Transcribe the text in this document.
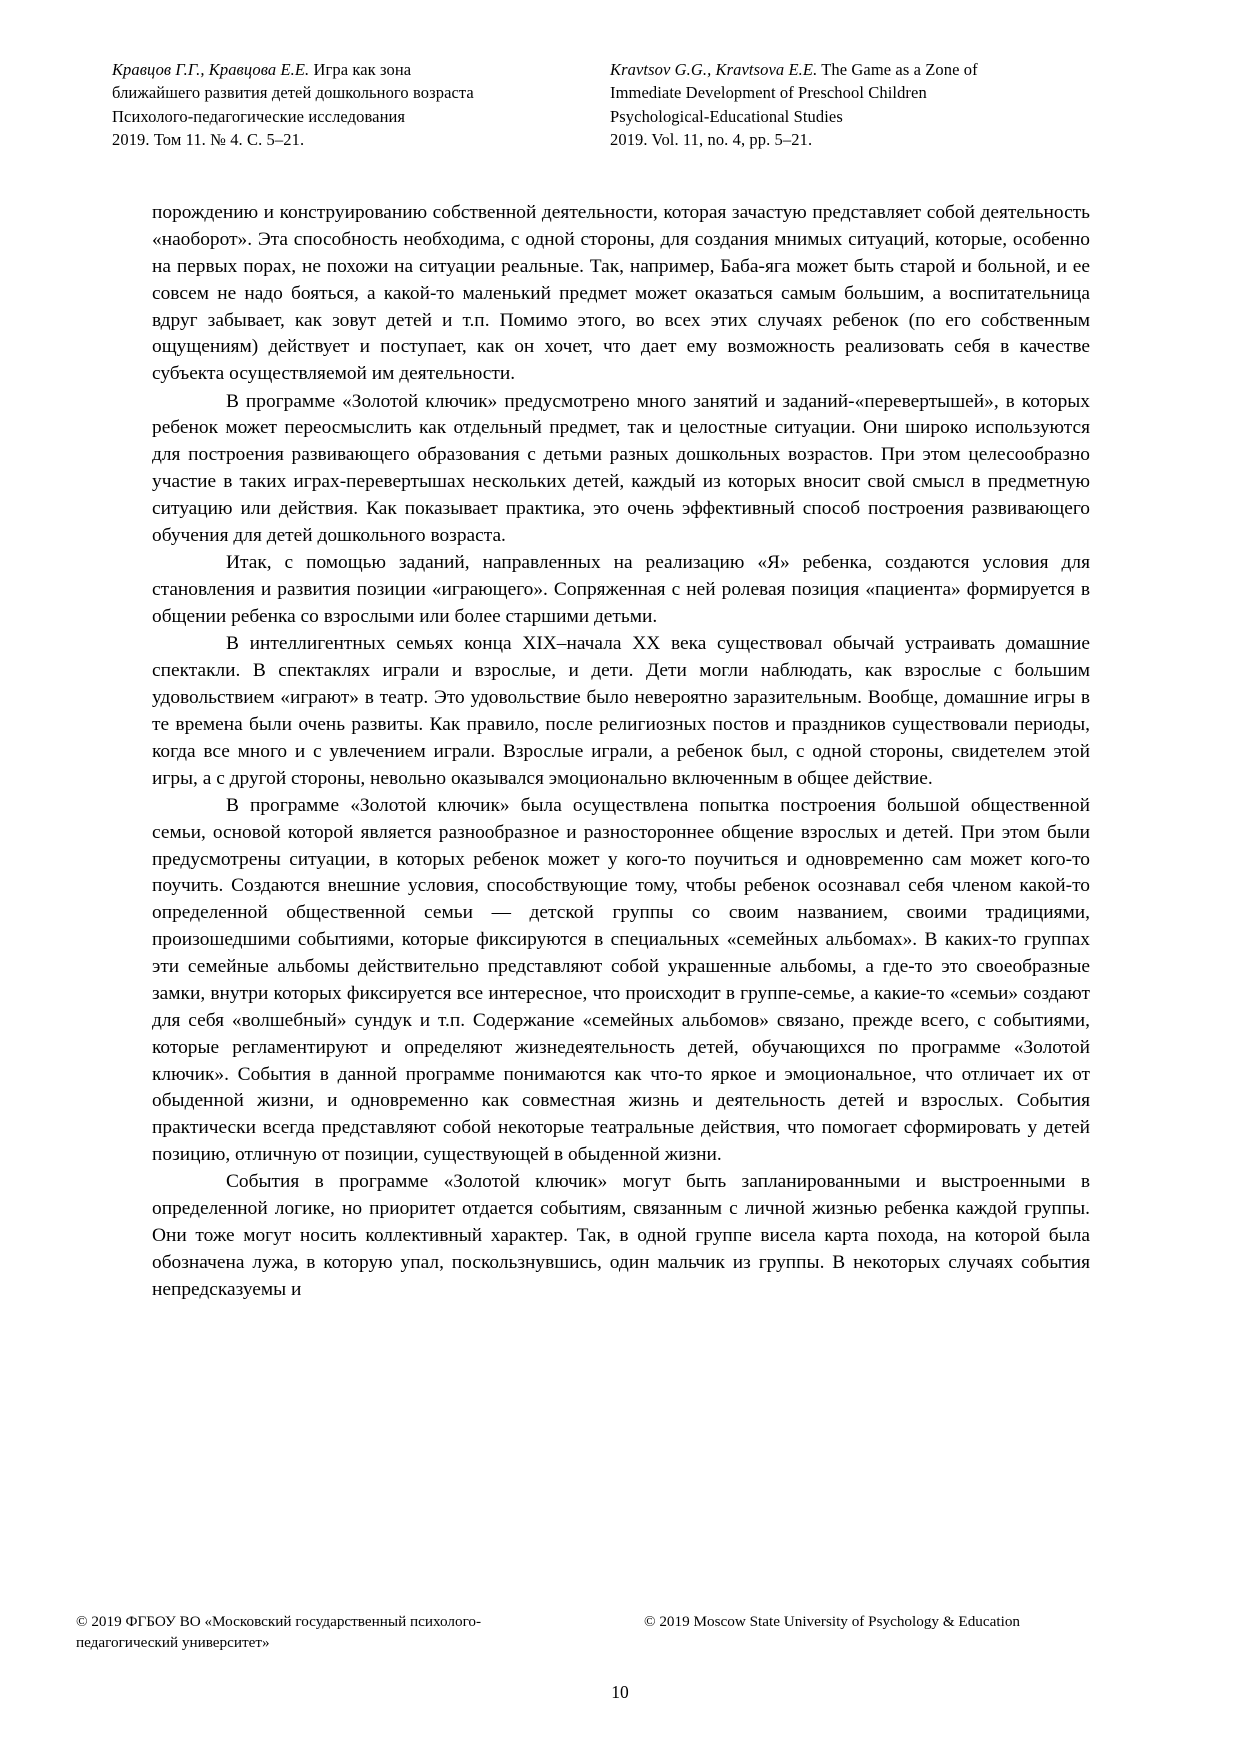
Кравцов Г.Г., Кравцова Е.Е. Игра как зона
ближайшего развития детей дошкольного возраста
Психолого-педагогические исследования
2019. Том 11. № 4. С. 5–21.
Kravtsov G.G., Kravtsova E.E. The Game as a Zone of
Immediate Development of Preschool Children
Psychological-Educational Studies
2019. Vol. 11, no. 4, pp. 5–21.

порождению и конструированию собственной деятельности, которая зачастую представляет собой деятельность «наоборот». Эта способность необходима, с одной стороны, для создания мнимых ситуаций, которые, особенно на первых порах, не похожи на ситуации реальные. Так, например, Баба-яга может быть старой и больной, и ее совсем не надо бояться, а какой-то маленький предмет может оказаться самым большим, а воспитательница вдруг забывает, как зовут детей и т.п. Помимо этого, во всех этих случаях ребенок (по его собственным ощущениям) действует и поступает, как он хочет, что дает ему возможность реализовать себя в качестве субъекта осуществляемой им деятельности.

В программе «Золотой ключик» предусмотрено много занятий и заданий-«перевертышей», в которых ребенок может переосмыслить как отдельный предмет, так и целостные ситуации. Они широко используются для построения развивающего образования с детьми разных дошкольных возрастов. При этом целесообразно участие в таких играх-перевертышах нескольких детей, каждый из которых вносит свой смысл в предметную ситуацию или действия. Как показывает практика, это очень эффективный способ построения развивающего обучения для детей дошкольного возраста.

Итак, с помощью заданий, направленных на реализацию «Я» ребенка, создаются условия для становления и развития позиции «играющего». Сопряженная с ней ролевая позиция «пациента» формируется в общении ребенка со взрослыми или более старшими детьми.

В интеллигентных семьях конца XIX–начала XX века существовал обычай устраивать домашние спектакли. В спектаклях играли и взрослые, и дети. Дети могли наблюдать, как взрослые с большим удовольствием «играют» в театр. Это удовольствие было невероятно заразительным. Вообще, домашние игры в те времена были очень развиты. Как правило, после религиозных постов и праздников существовали периоды, когда все много и с увлечением играли. Взрослые играли, а ребенок был, с одной стороны, свидетелем этой игры, а с другой стороны, невольно оказывался эмоционально включенным в общее действие.

В программе «Золотой ключик» была осуществлена попытка построения большой общественной семьи, основой которой является разнообразное и разностороннее общение взрослых и детей. При этом были предусмотрены ситуации, в которых ребенок может у кого-то поучиться и одновременно сам может кого-то поучить. Создаются внешние условия, способствующие тому, чтобы ребенок осознавал себя членом какой-то определенной общественной семьи — детской группы со своим названием, своими традициями, произошедшими событиями, которые фиксируются в специальных «семейных альбомах». В каких-то группах эти семейные альбомы действительно представляют собой украшенные альбомы, а где-то это своеобразные замки, внутри которых фиксируется все интересное, что происходит в группе-семье, а какие-то «семьи» создают для себя «волшебный» сундук и т.п. Содержание «семейных альбомов» связано, прежде всего, с событиями, которые регламентируют и определяют жизнедеятельность детей, обучающихся по программе «Золотой ключик». События в данной программе понимаются как что-то яркое и эмоциональное, что отличает их от обыденной жизни, и одновременно как совместная жизнь и деятельность детей и взрослых. События практически всегда представляют собой некоторые театральные действия, что помогает сформировать у детей позицию, отличную от позиции, существующей в обыденной жизни.

События в программе «Золотой ключик» могут быть запланированными и выстроенными в определенной логике, но приоритет отдается событиям, связанным с личной жизнью ребенка каждой группы. Они тоже могут носить коллективный характер. Так, в одной группе висела карта похода, на которой была обозначена лужа, в которую упал, поскользнувшись, один мальчик из группы. В некоторых случаях события непредсказуемы и

© 2019 ФГБОУ ВО «Московский государственный психолого-
педагогический университет»
© 2019 Moscow State University of Psychology & Education
10
